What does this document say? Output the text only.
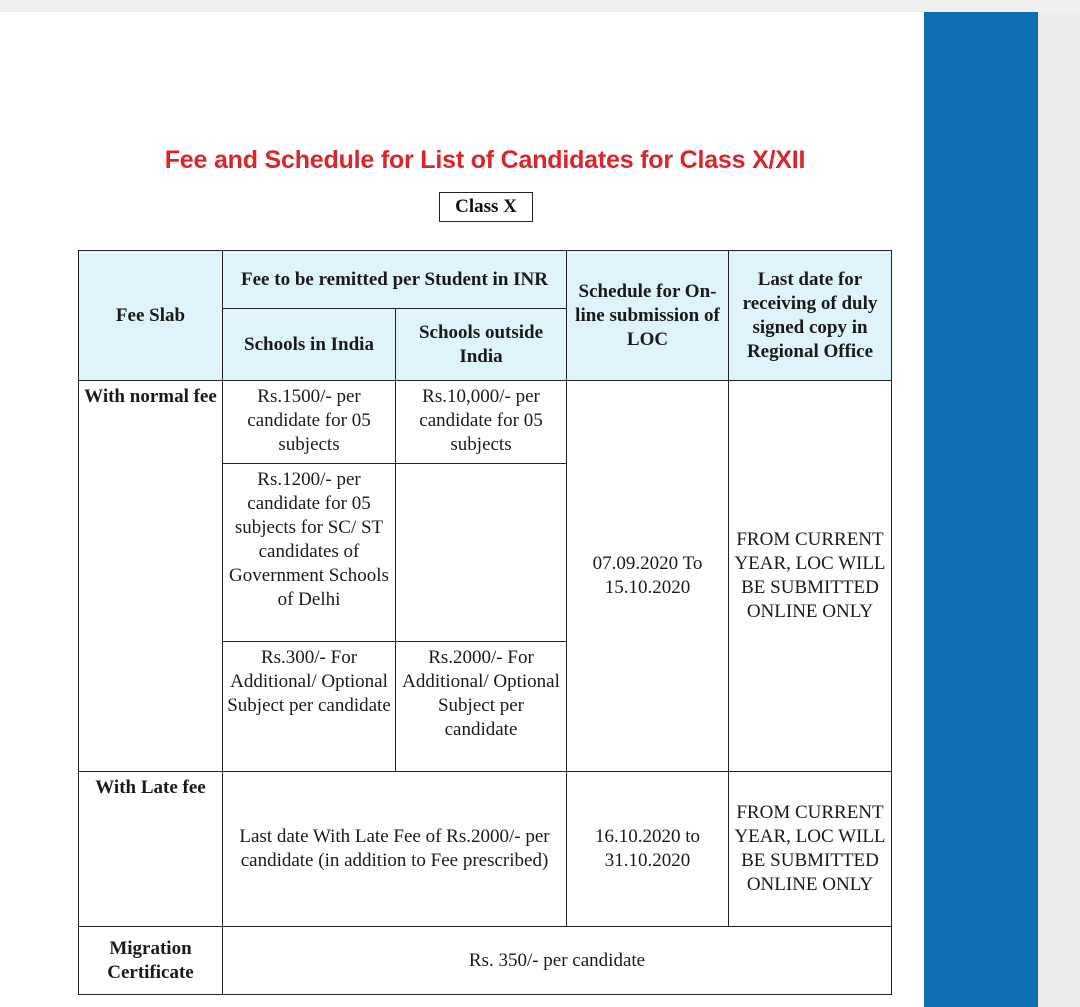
Fee and Schedule for List of Candidates for Class X/XII
Class X
Fee Slab	Fee to be remitted per Student in INR		Schedule for On-line submission of LOC	Last date for receiving of duly signed copy in Regional Office
	Schools in India	Schools outside India		
With normal fee	Rs.1500/- per candidate for 05 subjects	Rs.10,000/- per candidate for 05 subjects	07.09.2020 To 15.10.2020	FROM CURRENT YEAR, LOC WILL BE SUBMITTED ONLINE ONLY
	Rs.1200/- per candidate for 05 subjects for SC/ ST candidates of Government Schools of Delhi			
	Rs.300/- For Additional/ Optional Subject per candidate	Rs.2000/- For Additional/ Optional Subject per candidate		
With Late fee	Last date With Late Fee of Rs.2000/- per candidate (in addition to Fee prescribed)		16.10.2020 to 31.10.2020	FROM CURRENT YEAR, LOC WILL BE SUBMITTED ONLINE ONLY
Migration Certificate	Rs. 350/- per candidate			
